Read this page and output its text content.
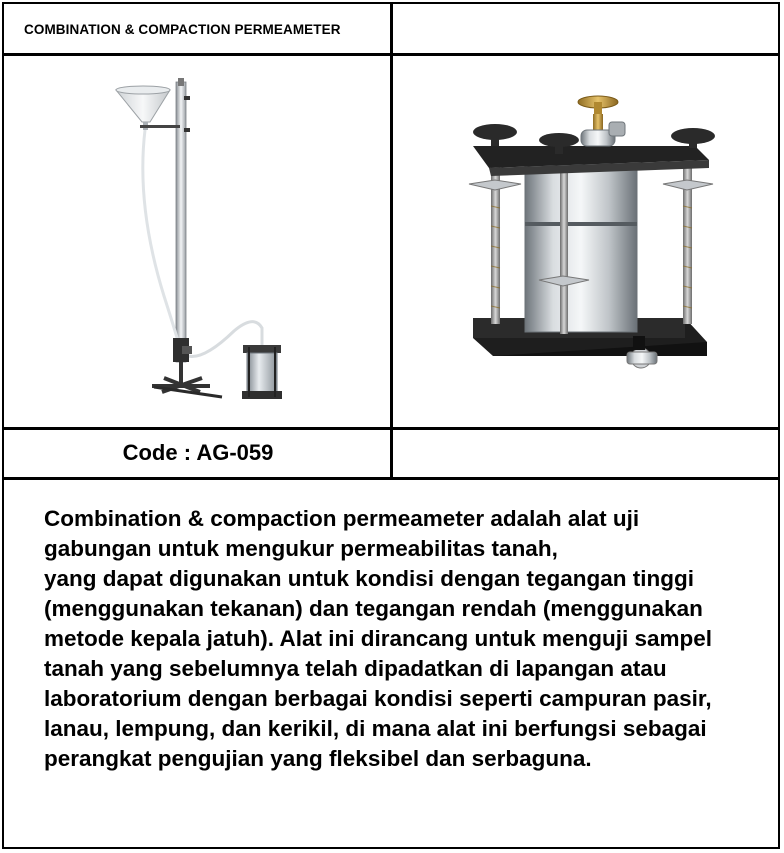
COMBINATION & COMPACTION PERMEAMETER
Code : AG-059

Combination & compaction permeameter adalah alat uji gabungan untuk mengukur permeabilitas tanah,
yang dapat digunakan untuk kondisi dengan tegangan tinggi (menggunakan tekanan) dan tegangan rendah (menggunakan metode kepala jatuh). Alat ini dirancang untuk menguji sampel tanah yang sebelumnya telah dipadatkan di lapangan atau laboratorium dengan berbagai kondisi seperti campuran pasir, lanau, lempung, dan kerikil, di mana alat ini berfungsi sebagai perangkat pengujian yang fleksibel dan serbaguna.
